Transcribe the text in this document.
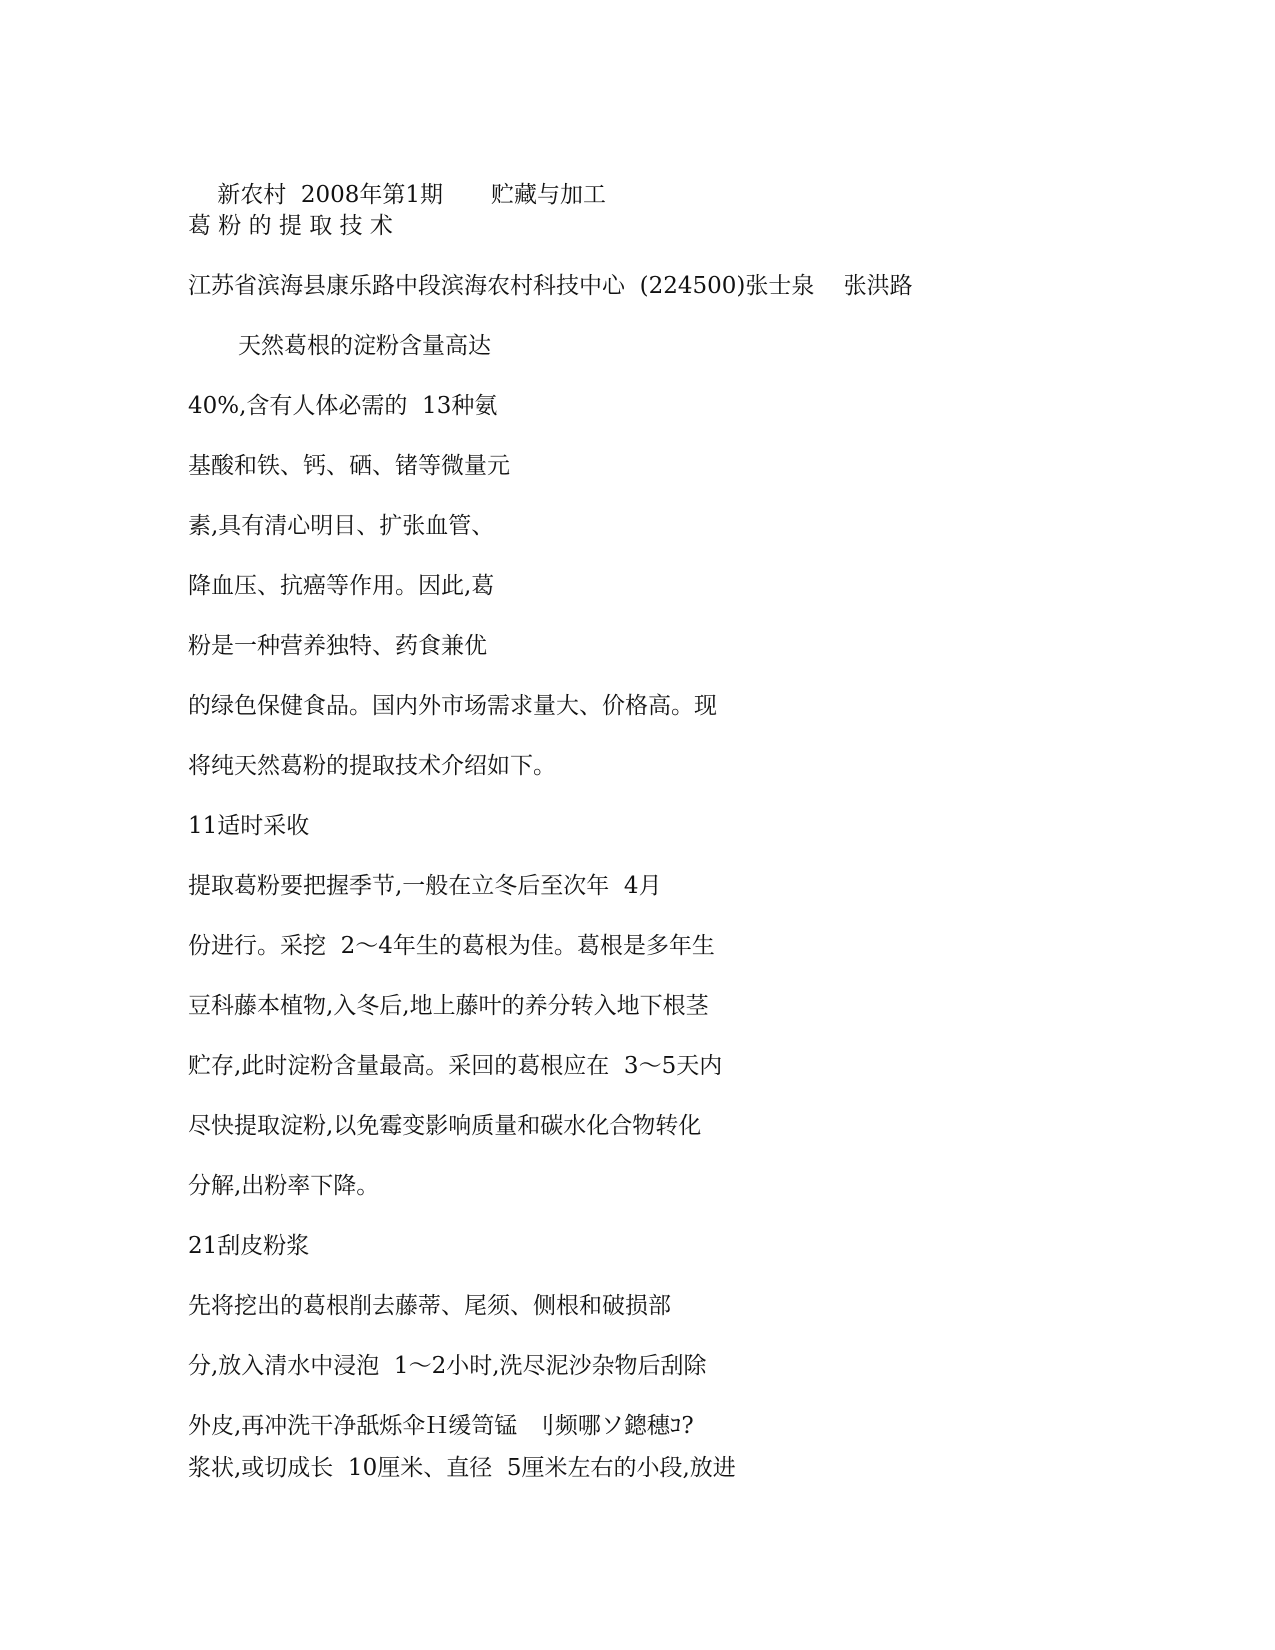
新农村  2008年第1期 贮藏与加工

葛 粉 的 提 取 技 术
江苏省滨海县康乐路中段滨海农村科技中心  (224500)张士泉    张洪路
天然葛根的淀粉含量高达
40%,含有人体必需的  13种氨
基酸和铁、钙、硒、锗等微量元
素,具有清心明目、扩张血管、
降血压、抗癌等作用。因此,葛
粉是一种营养独特、药食兼优
的绿色保健食品。国内外市场需求量大、价格高。现
将纯天然葛粉的提取技术介绍如下。
11适时采收
提取葛粉要把握季节,一般在立冬后至次年  4月
份进行。采挖  2～4年生的葛根为佳。葛根是多年生
豆科藤本植物,入冬后,地上藤叶的养分转入地下根茎
贮存,此时淀粉含量最高。采回的葛根应在  3～5天内
尽快提取淀粉,以免霉变影响质量和碳水化合物转化
分解,出粉率下降。
21刮皮粉浆
先将挖出的葛根削去藤蒂、尾须、侧根和破损部
分,放入清水中浸泡  1～2小时,洗尽泥沙杂物后刮除
外皮,再冲洗干净舐烁伞Ｈ缓笥锰  刂频哪ソ鏓穗ｺ?
浆状,或切成长  10厘米、直径  5厘米左右的小段,放进
